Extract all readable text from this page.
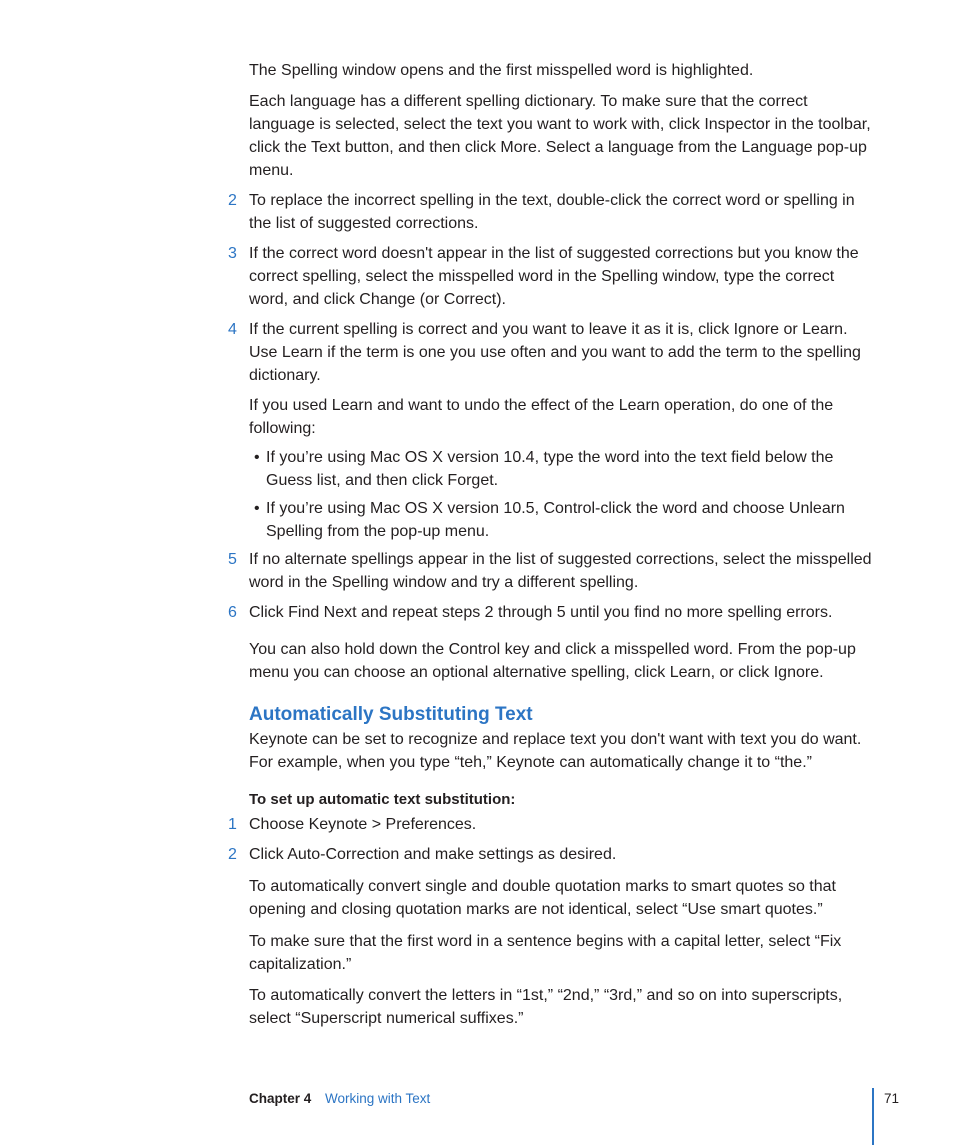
The Spelling window opens and the first misspelled word is highlighted.
Each language has a different spelling dictionary. To make sure that the correct language is selected, select the text you want to work with, click Inspector in the toolbar, click the Text button, and then click More. Select a language from the Language pop-up menu.
2 To replace the incorrect spelling in the text, double-click the correct word or spelling in the list of suggested corrections.
3 If the correct word doesn't appear in the list of suggested corrections but you know the correct spelling, select the misspelled word in the Spelling window, type the correct word, and click Change (or Correct).
4 If the current spelling is correct and you want to leave it as it is, click Ignore or Learn. Use Learn if the term is one you use often and you want to add the term to the spelling dictionary.
If you used Learn and want to undo the effect of the Learn operation, do one of the following:
• If you’re using Mac OS X version 10.4, type the word into the text field below the Guess list, and then click Forget.
• If you’re using Mac OS X version 10.5, Control-click the word and choose Unlearn Spelling from the pop-up menu.
5 If no alternate spellings appear in the list of suggested corrections, select the misspelled word in the Spelling window and try a different spelling.
6 Click Find Next and repeat steps 2 through 5 until you find no more spelling errors.
You can also hold down the Control key and click a misspelled word. From the pop-up menu you can choose an optional alternative spelling, click Learn, or click Ignore.
Automatically Substituting Text
Keynote can be set to recognize and replace text you don't want with text you do want. For example, when you type “teh,” Keynote can automatically change it to “the.”
To set up automatic text substitution:
1 Choose Keynote > Preferences.
2 Click Auto-Correction and make settings as desired.
To automatically convert single and double quotation marks to smart quotes so that opening and closing quotation marks are not identical, select “Use smart quotes.”
To make sure that the first word in a sentence begins with a capital letter, select “Fix capitalization.”
To automatically convert the letters in “1st,” “2nd,” “3rd,” and so on into superscripts, select “Superscript numerical suffixes.”
Chapter 4 Working with Text	71
